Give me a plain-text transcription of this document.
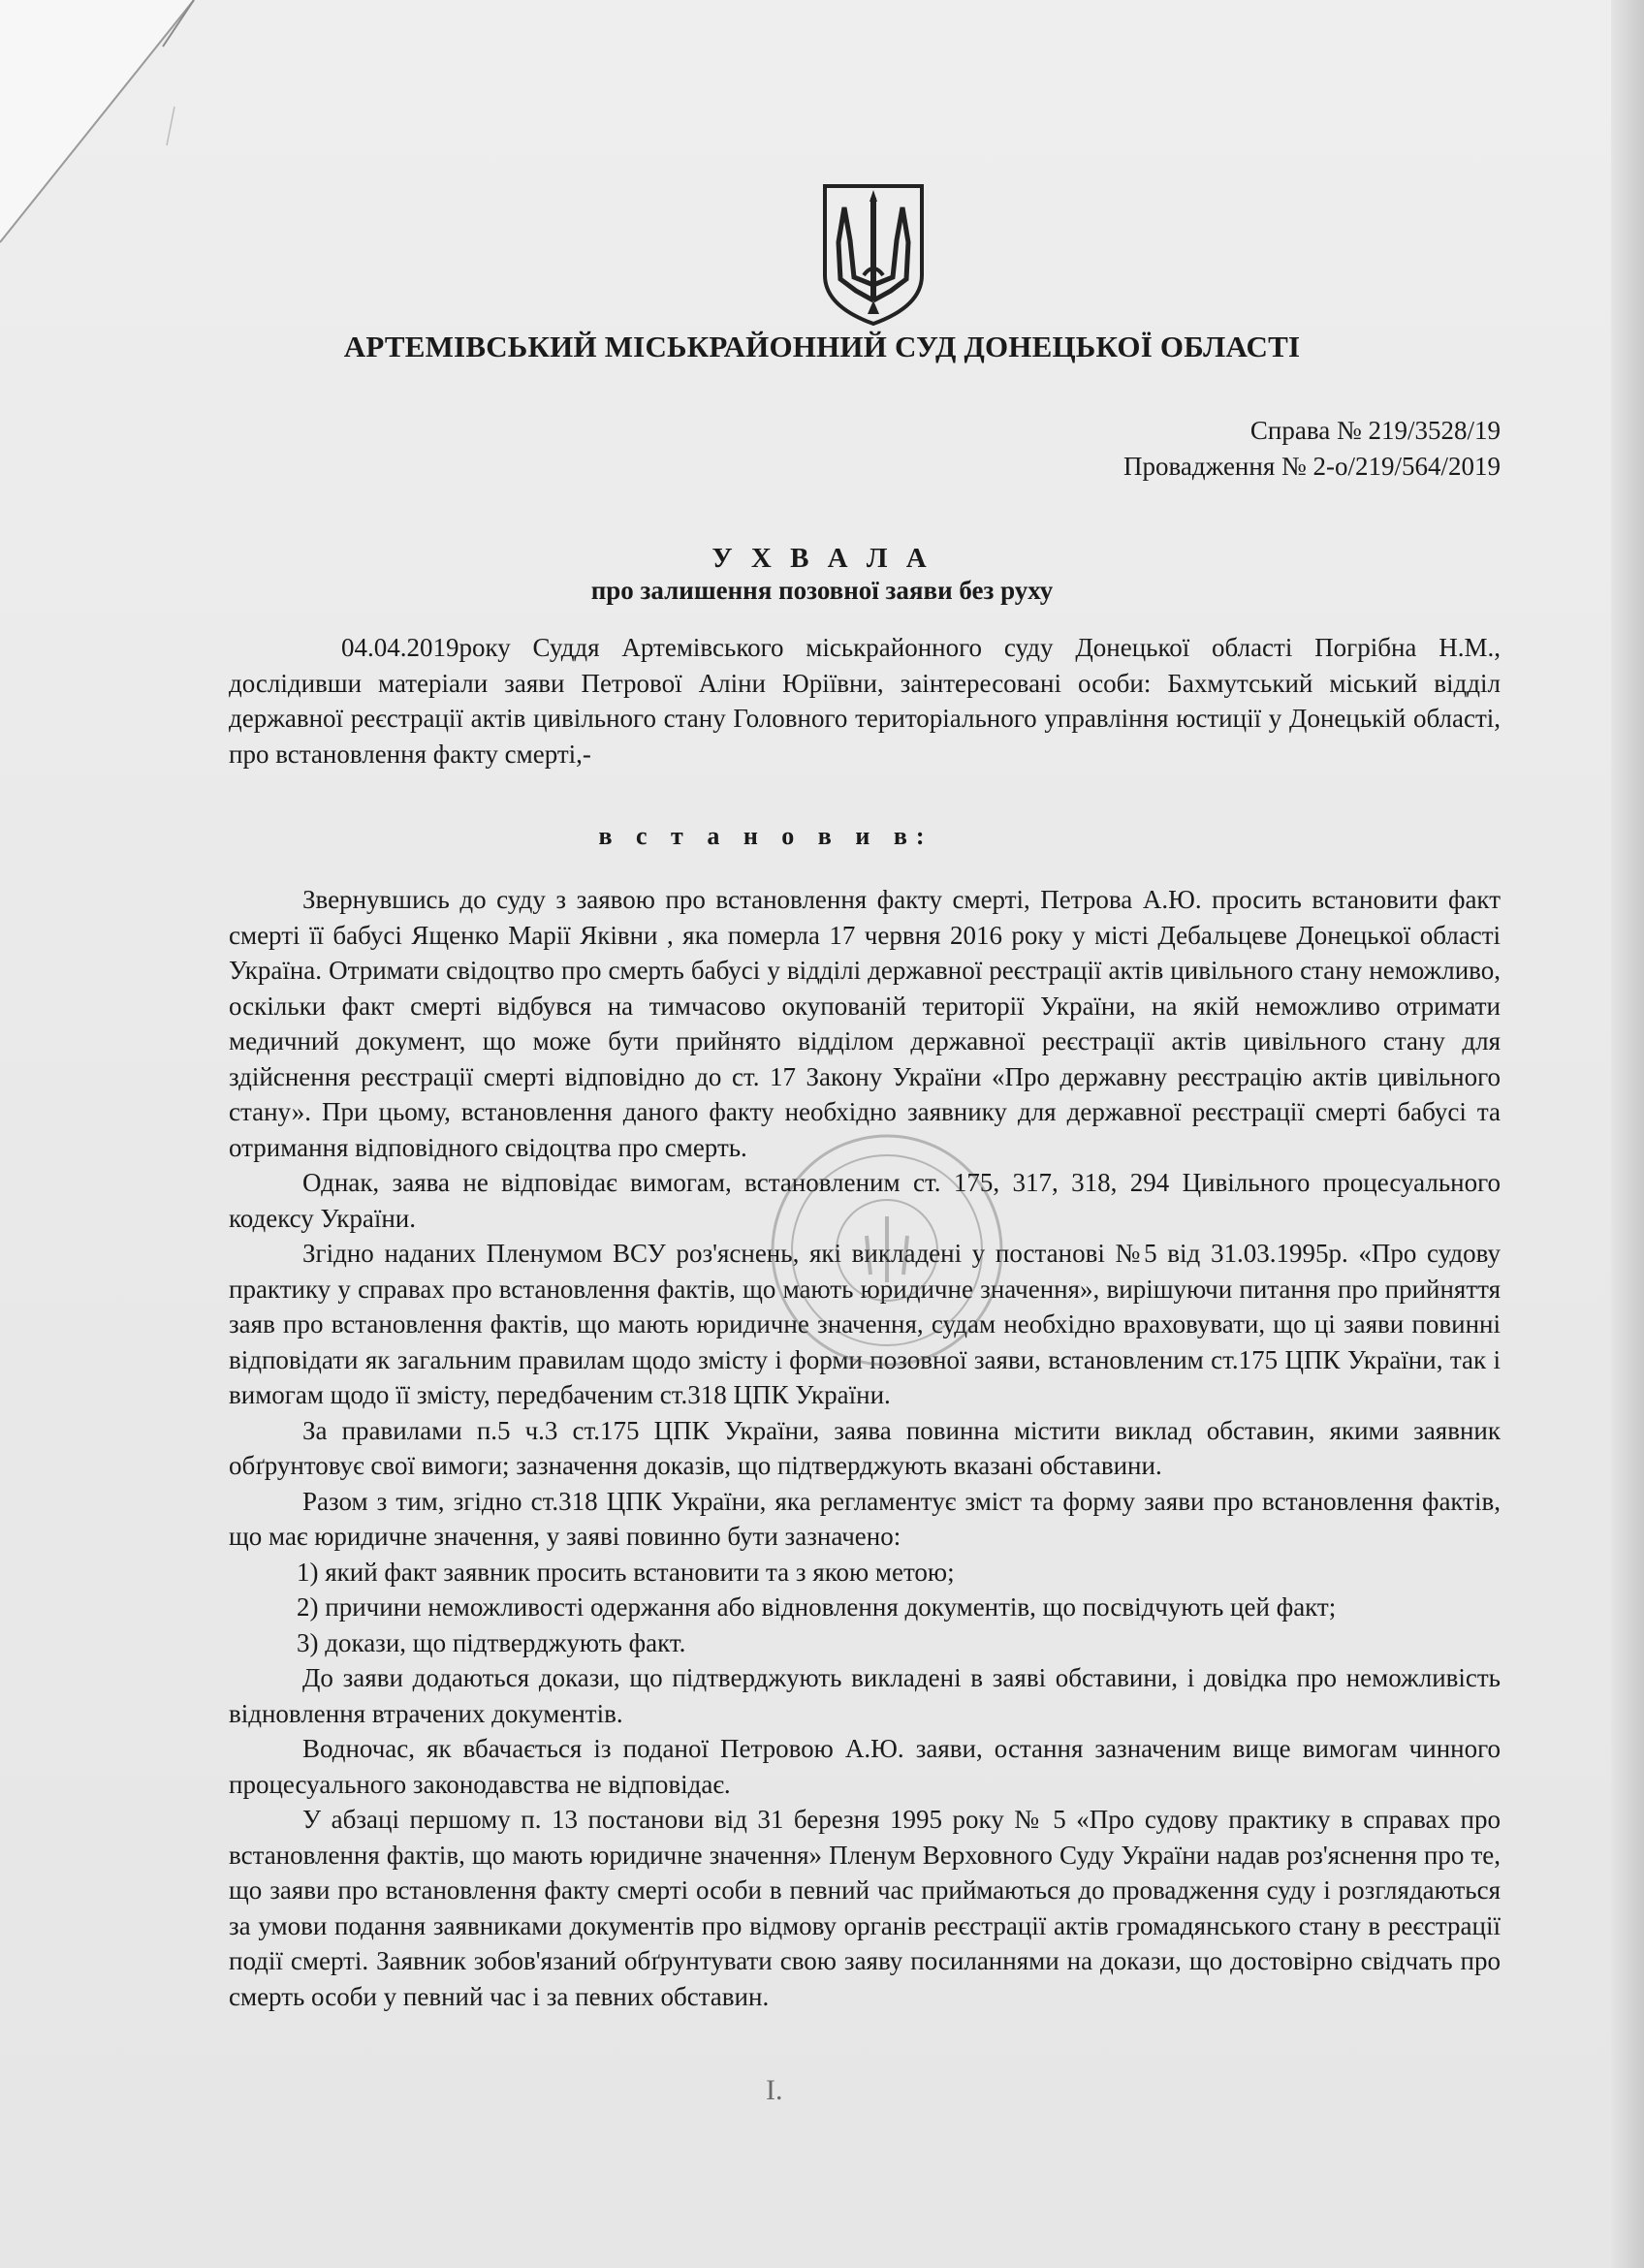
АРТЕМІВСЬКИЙ МІСЬКРАЙОННИЙ СУД ДОНЕЦЬКОЇ ОБЛАСТІ
Справа № 219/3528/19
Провадження № 2-о/219/564/2019
У Х В А Л А
про залишення позовної заяви без руху

04.04.2019року Суддя Артемівського міськрайонного суду Донецької області Погрібна Н.М., дослідивши матеріали заяви Петрової Аліни Юріївни, заінтересовані особи: Бахмутський міський відділ державної реєстрації актів цивільного стану Головного територіального управління юстиції у Донецькій області, про встановлення факту смерті,-

в с т а н о в и в:

Звернувшись до суду з заявою про встановлення факту смерті, Петрова А.Ю. просить встановити факт смерті її бабусі Ященко Марії Яківни , яка померла 17 червня 2016 року у місті Дебальцеве Донецької області Україна. Отримати свідоцтво про смерть бабусі у відділі державної реєстрації актів цивільного стану неможливо, оскільки факт смерті відбувся на тимчасово окупованій території України, на якій неможливо отримати медичний документ, що може бути прийнято відділом державної реєстрації актів цивільного стану для здійснення реєстрації смерті відповідно до ст. 17 Закону України «Про державну реєстрацію актів цивільного стану». При цьому, встановлення даного факту необхідно заявнику для державної реєстрації смерті бабусі та отримання відповідного свідоцтва про смерть.

Однак, заява не відповідає вимогам, встановленим ст. 175, 317, 318, 294 Цивільного процесуального кодексу України.

Згідно наданих Пленумом ВСУ роз'яснень, які викладені у постанові №5 від 31.03.1995р. «Про судову практику у справах про встановлення фактів, що мають юридичне значення», вирішуючи питання про прийняття заяв про встановлення фактів, що мають юридичне значення, судам необхідно враховувати, що ці заяви повинні відповідати як загальним правилам щодо змісту і форми позовної заяви, встановленим ст.175 ЦПК України, так і вимогам щодо її змісту, передбаченим ст.318 ЦПК України.

За правилами п.5 ч.3 ст.175 ЦПК України, заява повинна містити виклад обставин, якими заявник обґрунтовує свої вимоги; зазначення доказів, що підтверджують вказані обставини.

Разом з тим, згідно ст.318 ЦПК України, яка регламентує зміст та форму заяви про встановлення фактів, що має юридичне значення, у заяві повинно бути зазначено:

1) який факт заявник просить встановити та з якою метою;

2) причини неможливості одержання або відновлення документів, що посвідчують цей факт;

3) докази, що підтверджують факт.

До заяви додаються докази, що підтверджують викладені в заяві обставини, і довідка про неможливість відновлення втрачених документів.

Водночас, як вбачається із поданої Петровою А.Ю. заяви, остання зазначеним вище вимогам чинного процесуального законодавства не відповідає.

У абзаці першому п. 13 постанови від 31 березня 1995 року № 5 «Про судову практику в справах про встановлення фактів, що мають юридичне значення» Пленум Верховного Суду України надав роз'яснення про те, що заяви про встановлення факту смерті особи в певний час приймаються до провадження суду і розглядаються за умови подання заявниками документів про відмову органів реєстрації актів громадянського стану в реєстрації події смерті. Заявник зобов'язаний обґрунтувати свою заяву посиланнями на докази, що достовірно свідчать про смерть особи у певний час і за певних обставин.

I.
